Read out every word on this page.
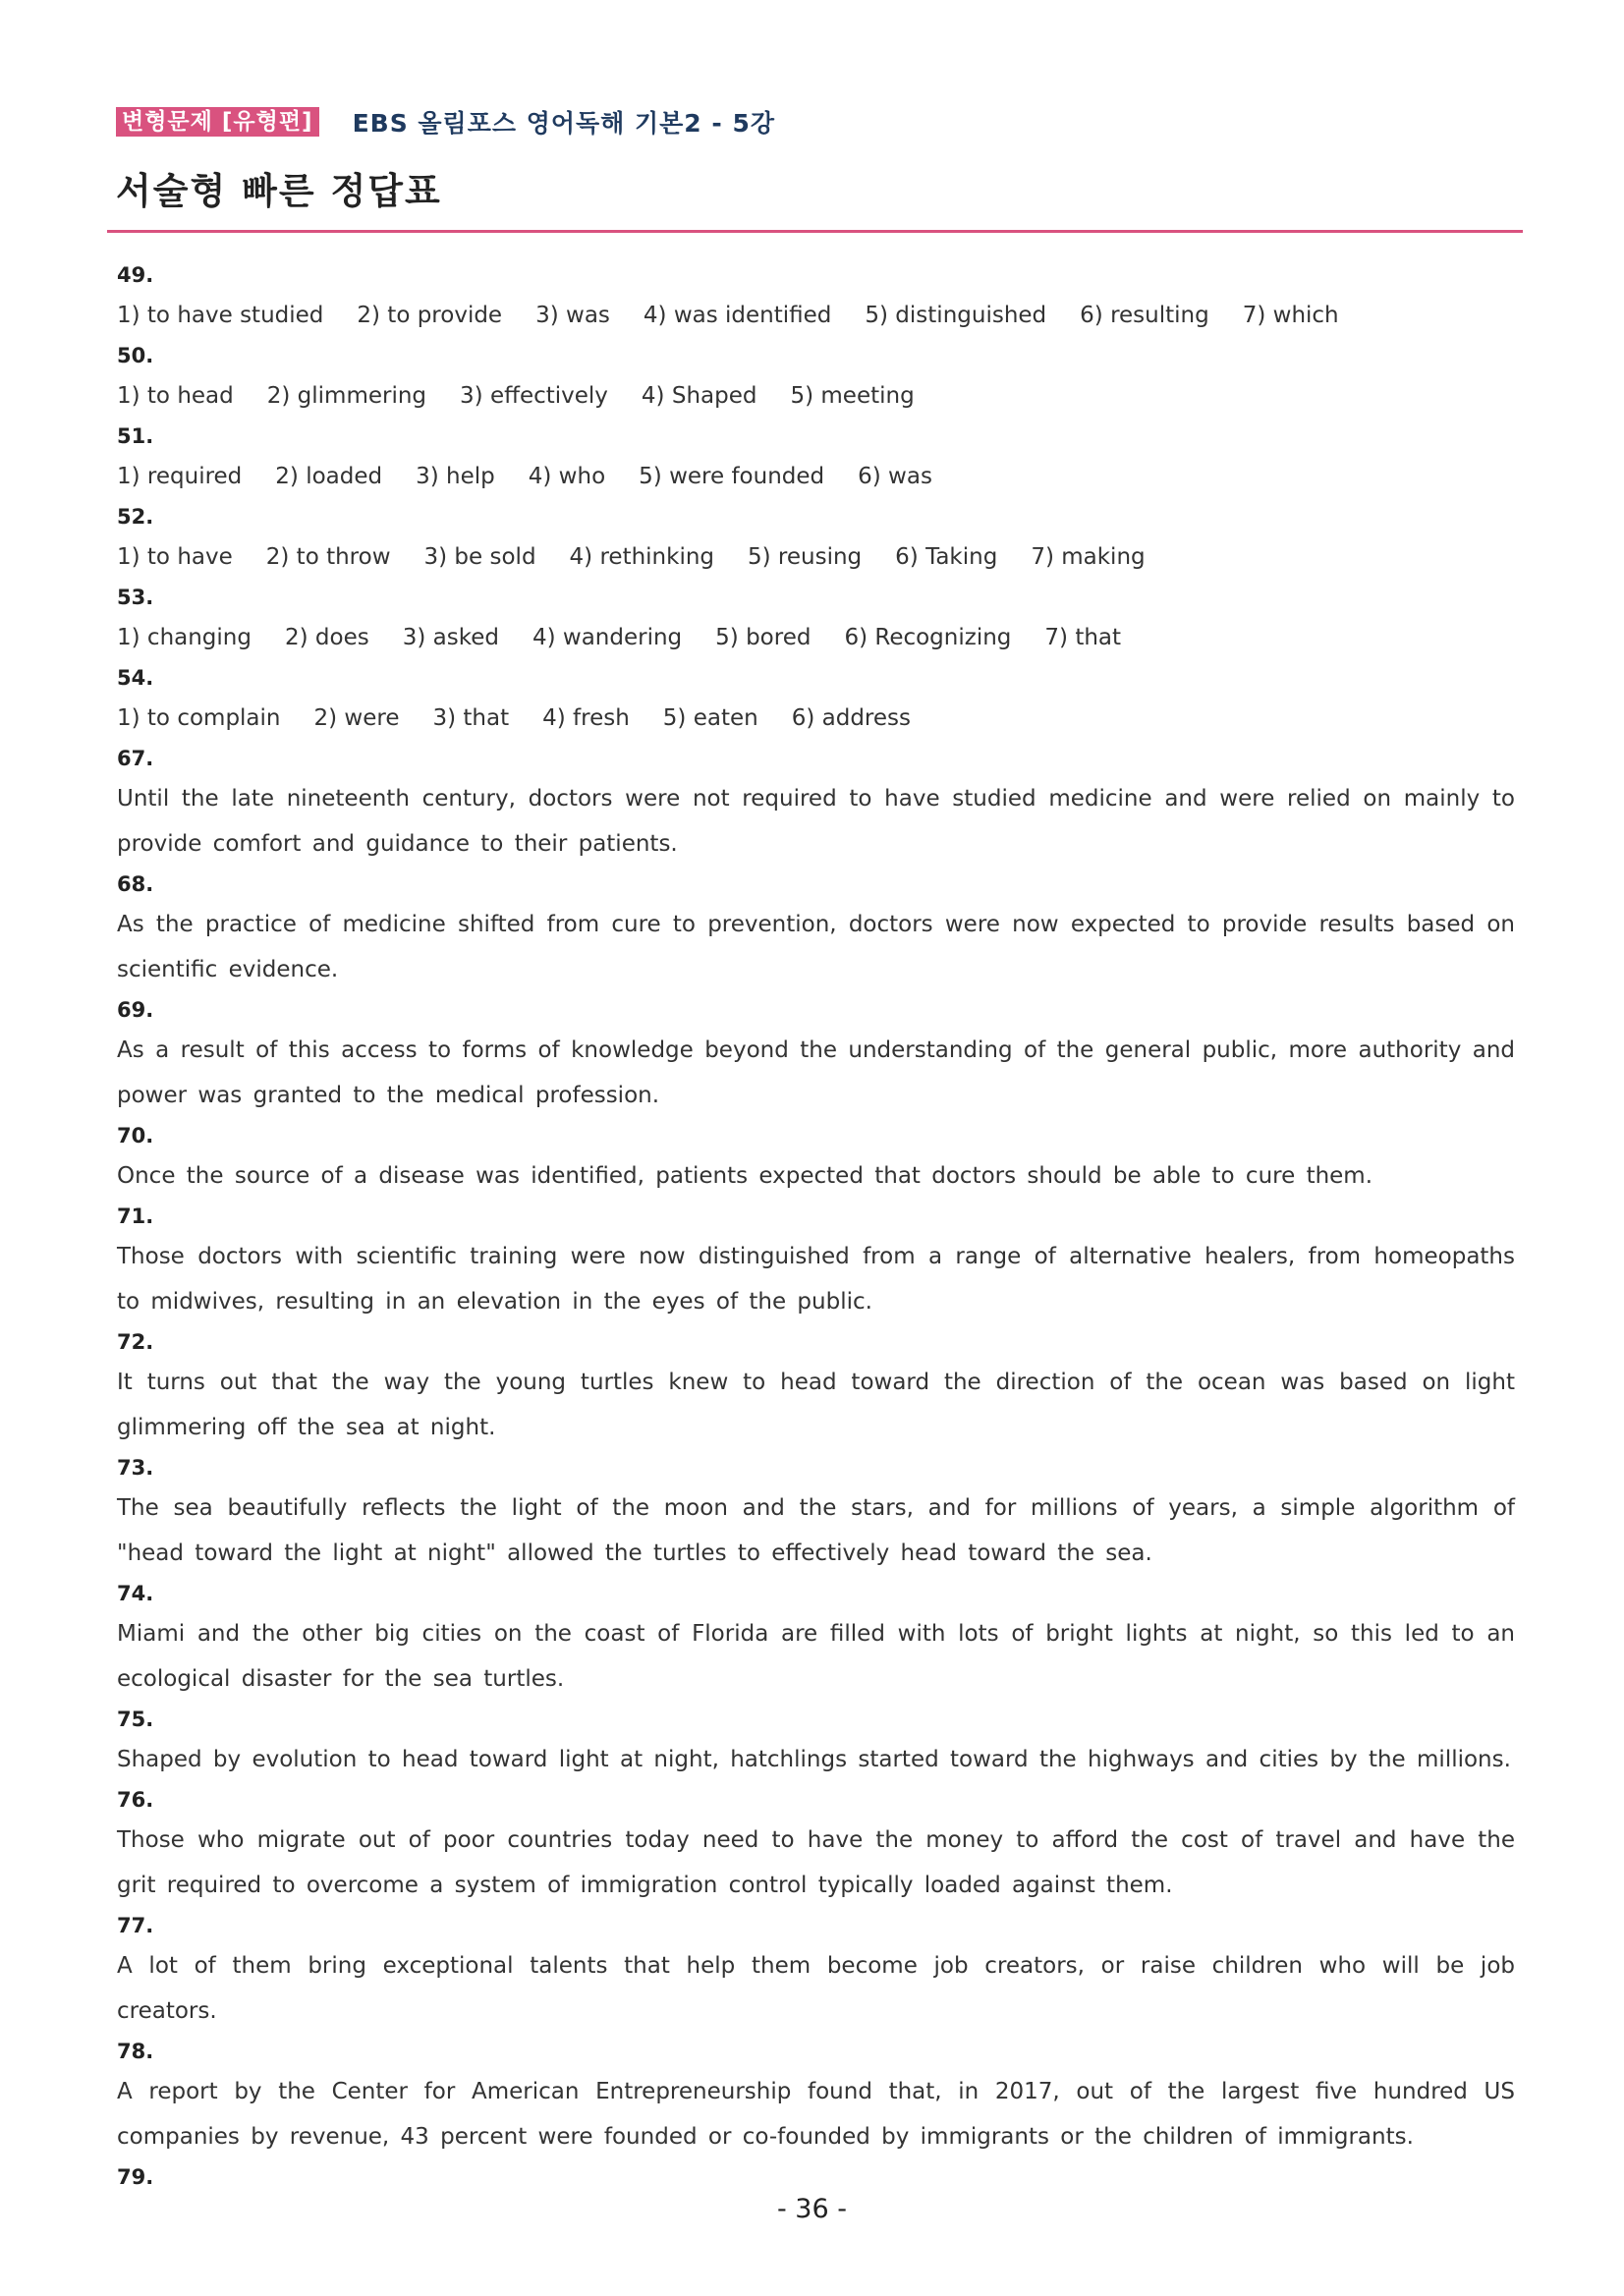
변형문제 [유형편] EBS 올림포스 영어독해 기본2 - 5강
서술형 빠른 정답표
49.
1) to have studied 2) to provide 3) was 4) was identified 5) distinguished 6) resulting 7) which
50.
1) to head 2) glimmering 3) effectively 4) Shaped 5) meeting
51.
1) required 2) loaded 3) help 4) who 5) were founded 6) was
52.
1) to have 2) to throw 3) be sold 4) rethinking 5) reusing 6) Taking 7) making
53.
1) changing 2) does 3) asked 4) wandering 5) bored 6) Recognizing 7) that
54.
1) to complain 2) were 3) that 4) fresh 5) eaten 6) address
67.
Until the late nineteenth century, doctors were not required to have studied medicine and were relied on mainly to provide comfort and guidance to their patients.
68.
As the practice of medicine shifted from cure to prevention, doctors were now expected to provide results based on scientific evidence.
69.
As a result of this access to forms of knowledge beyond the understanding of the general public, more authority and power was granted to the medical profession.
70.
Once the source of a disease was identified, patients expected that doctors should be able to cure them.
71.
Those doctors with scientific training were now distinguished from a range of alternative healers, from homeopaths to midwives, resulting in an elevation in the eyes of the public.
72.
It turns out that the way the young turtles knew to head toward the direction of the ocean was based on light glimmering off the sea at night.
73.
The sea beautifully reflects the light of the moon and the stars, and for millions of years, a simple algorithm of "head toward the light at night" allowed the turtles to effectively head toward the sea.
74.
Miami and the other big cities on the coast of Florida are filled with lots of bright lights at night, so this led to an ecological disaster for the sea turtles.
75.
Shaped by evolution to head toward light at night, hatchlings started toward the highways and cities by the millions.
76.
Those who migrate out of poor countries today need to have the money to afford the cost of travel and have the grit required to overcome a system of immigration control typically loaded against them.
77.
A lot of them bring exceptional talents that help them become job creators, or raise children who will be job creators.
78.
A report by the Center for American Entrepreneurship found that, in 2017, out of the largest five hundred US companies by revenue, 43 percent were founded or co-founded by immigrants or the children of immigrants.
79.
- 36 -
